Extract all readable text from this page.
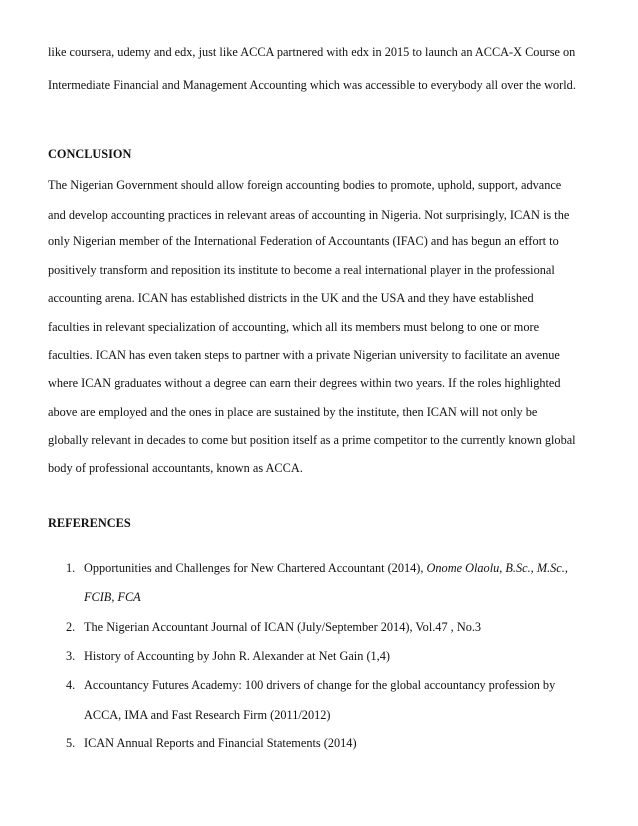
like coursera, udemy and edx, just like ACCA partnered with edx in 2015 to launch an ACCA-X Course on
Intermediate Financial and Management Accounting which was accessible to everybody all over the world.
CONCLUSION
The Nigerian Government should allow foreign accounting bodies to promote, uphold, support, advance
and develop accounting practices in relevant areas of accounting in Nigeria. Not surprisingly, ICAN is the
only Nigerian member of the International Federation of Accountants (IFAC) and has begun an effort to
positively transform and reposition its institute to become a real international player in the professional
accounting arena. ICAN has established districts in the UK and the USA and they have established
faculties in relevant specialization of accounting, which all its members must belong to one or more
faculties. ICAN has even taken steps to partner with a private Nigerian university to facilitate an avenue
where ICAN graduates without a degree can earn their degrees within two years. If the roles highlighted
above are employed and the ones in place are sustained by the institute, then ICAN will not only be
globally relevant in decades to come but position itself as a prime competitor to the currently known global
body of professional accountants, known as ACCA.
REFERENCES
1. Opportunities and Challenges for New Chartered Accountant (2014), Onome Olaolu, B.Sc., M.Sc.,
FCIB, FCA
2. The Nigerian Accountant Journal of ICAN (July/September 2014), Vol.47 , No.3
3. History of Accounting by John R. Alexander at Net Gain (1,4)
4. Accountancy Futures Academy: 100 drivers of change for the global accountancy profession by
ACCA, IMA and Fast Research Firm (2011/2012)
5. ICAN Annual Reports and Financial Statements (2014)
